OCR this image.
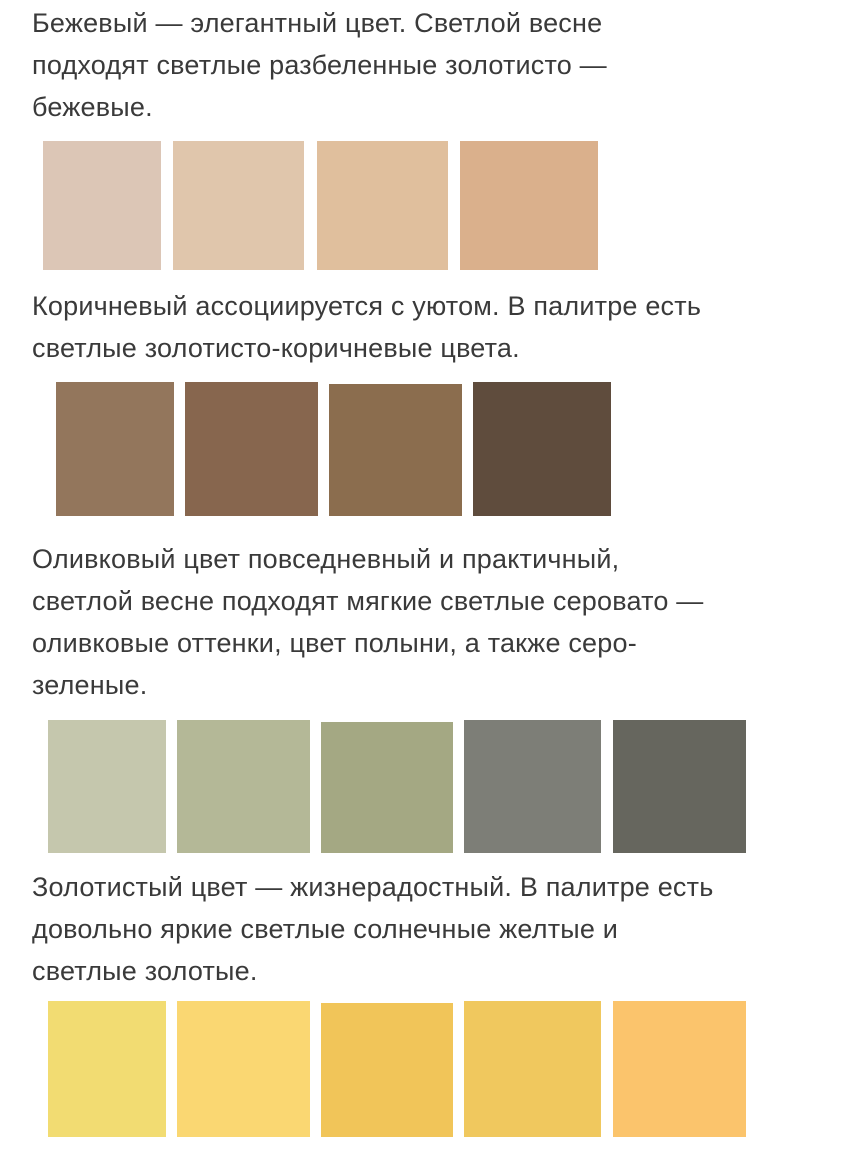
Бежевый — элегантный цвет. Светлой весне
подходят светлые разбеленные золотисто —
бежевые.

Коричневый ассоциируется с уютом. В палитре есть
светлые золотисто-коричневые цвета.

Оливковый цвет повседневный и практичный,
светлой весне подходят мягкие светлые серовато —
оливковые оттенки, цвет полыни, а также серо-
зеленые.

Золотистый цвет — жизнерадостный. В палитре есть
довольно яркие светлые солнечные желтые и
светлые золотые.
